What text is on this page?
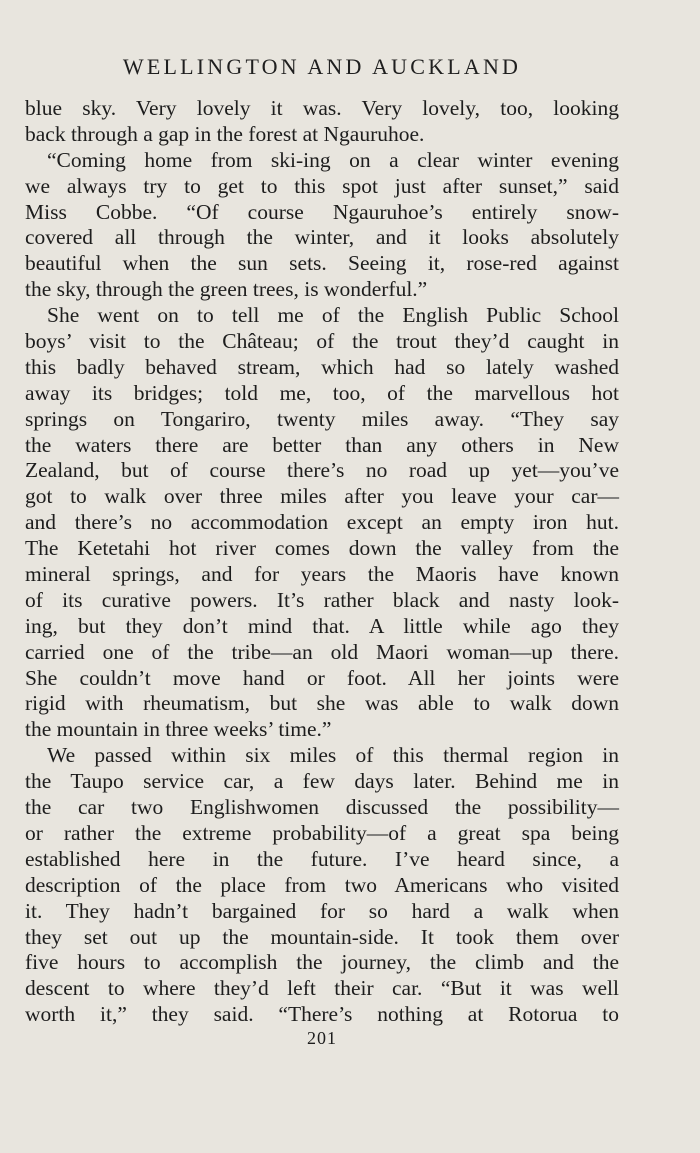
WELLINGTON AND AUCKLAND
blue sky. Very lovely it was. Very lovely, too, looking
back through a gap in the forest at Ngauruhoe.
“Coming home from ski-ing on a clear winter evening
we always try to get to this spot just after sunset,” said
Miss Cobbe. “Of course Ngauruhoe’s entirely snow-
covered all through the winter, and it looks absolutely
beautiful when the sun sets. Seeing it, rose-red against
the sky, through the green trees, is wonderful.”
She went on to tell me of the English Public School
boys’ visit to the Château; of the trout they’d caught in
this badly behaved stream, which had so lately washed
away its bridges; told me, too, of the marvellous hot
springs on Tongariro, twenty miles away. “They say
the waters there are better than any others in New
Zealand, but of course there’s no road up yet—you’ve
got to walk over three miles after you leave your car—
and there’s no accommodation except an empty iron hut.
The Ketetahi hot river comes down the valley from the
mineral springs, and for years the Maoris have known
of its curative powers. It’s rather black and nasty look-
ing, but they don’t mind that. A little while ago they
carried one of the tribe—an old Maori woman—up there.
She couldn’t move hand or foot. All her joints were
rigid with rheumatism, but she was able to walk down
the mountain in three weeks’ time.”
We passed within six miles of this thermal region in
the Taupo service car, a few days later. Behind me in
the car two Englishwomen discussed the possibility—
or rather the extreme probability—of a great spa being
established here in the future. I’ve heard since, a
description of the place from two Americans who visited
it. They hadn’t bargained for so hard a walk when
they set out up the mountain-side. It took them over
five hours to accomplish the journey, the climb and the
descent to where they’d left their car. “But it was well
worth it,” they said. “There’s nothing at Rotorua to
201
